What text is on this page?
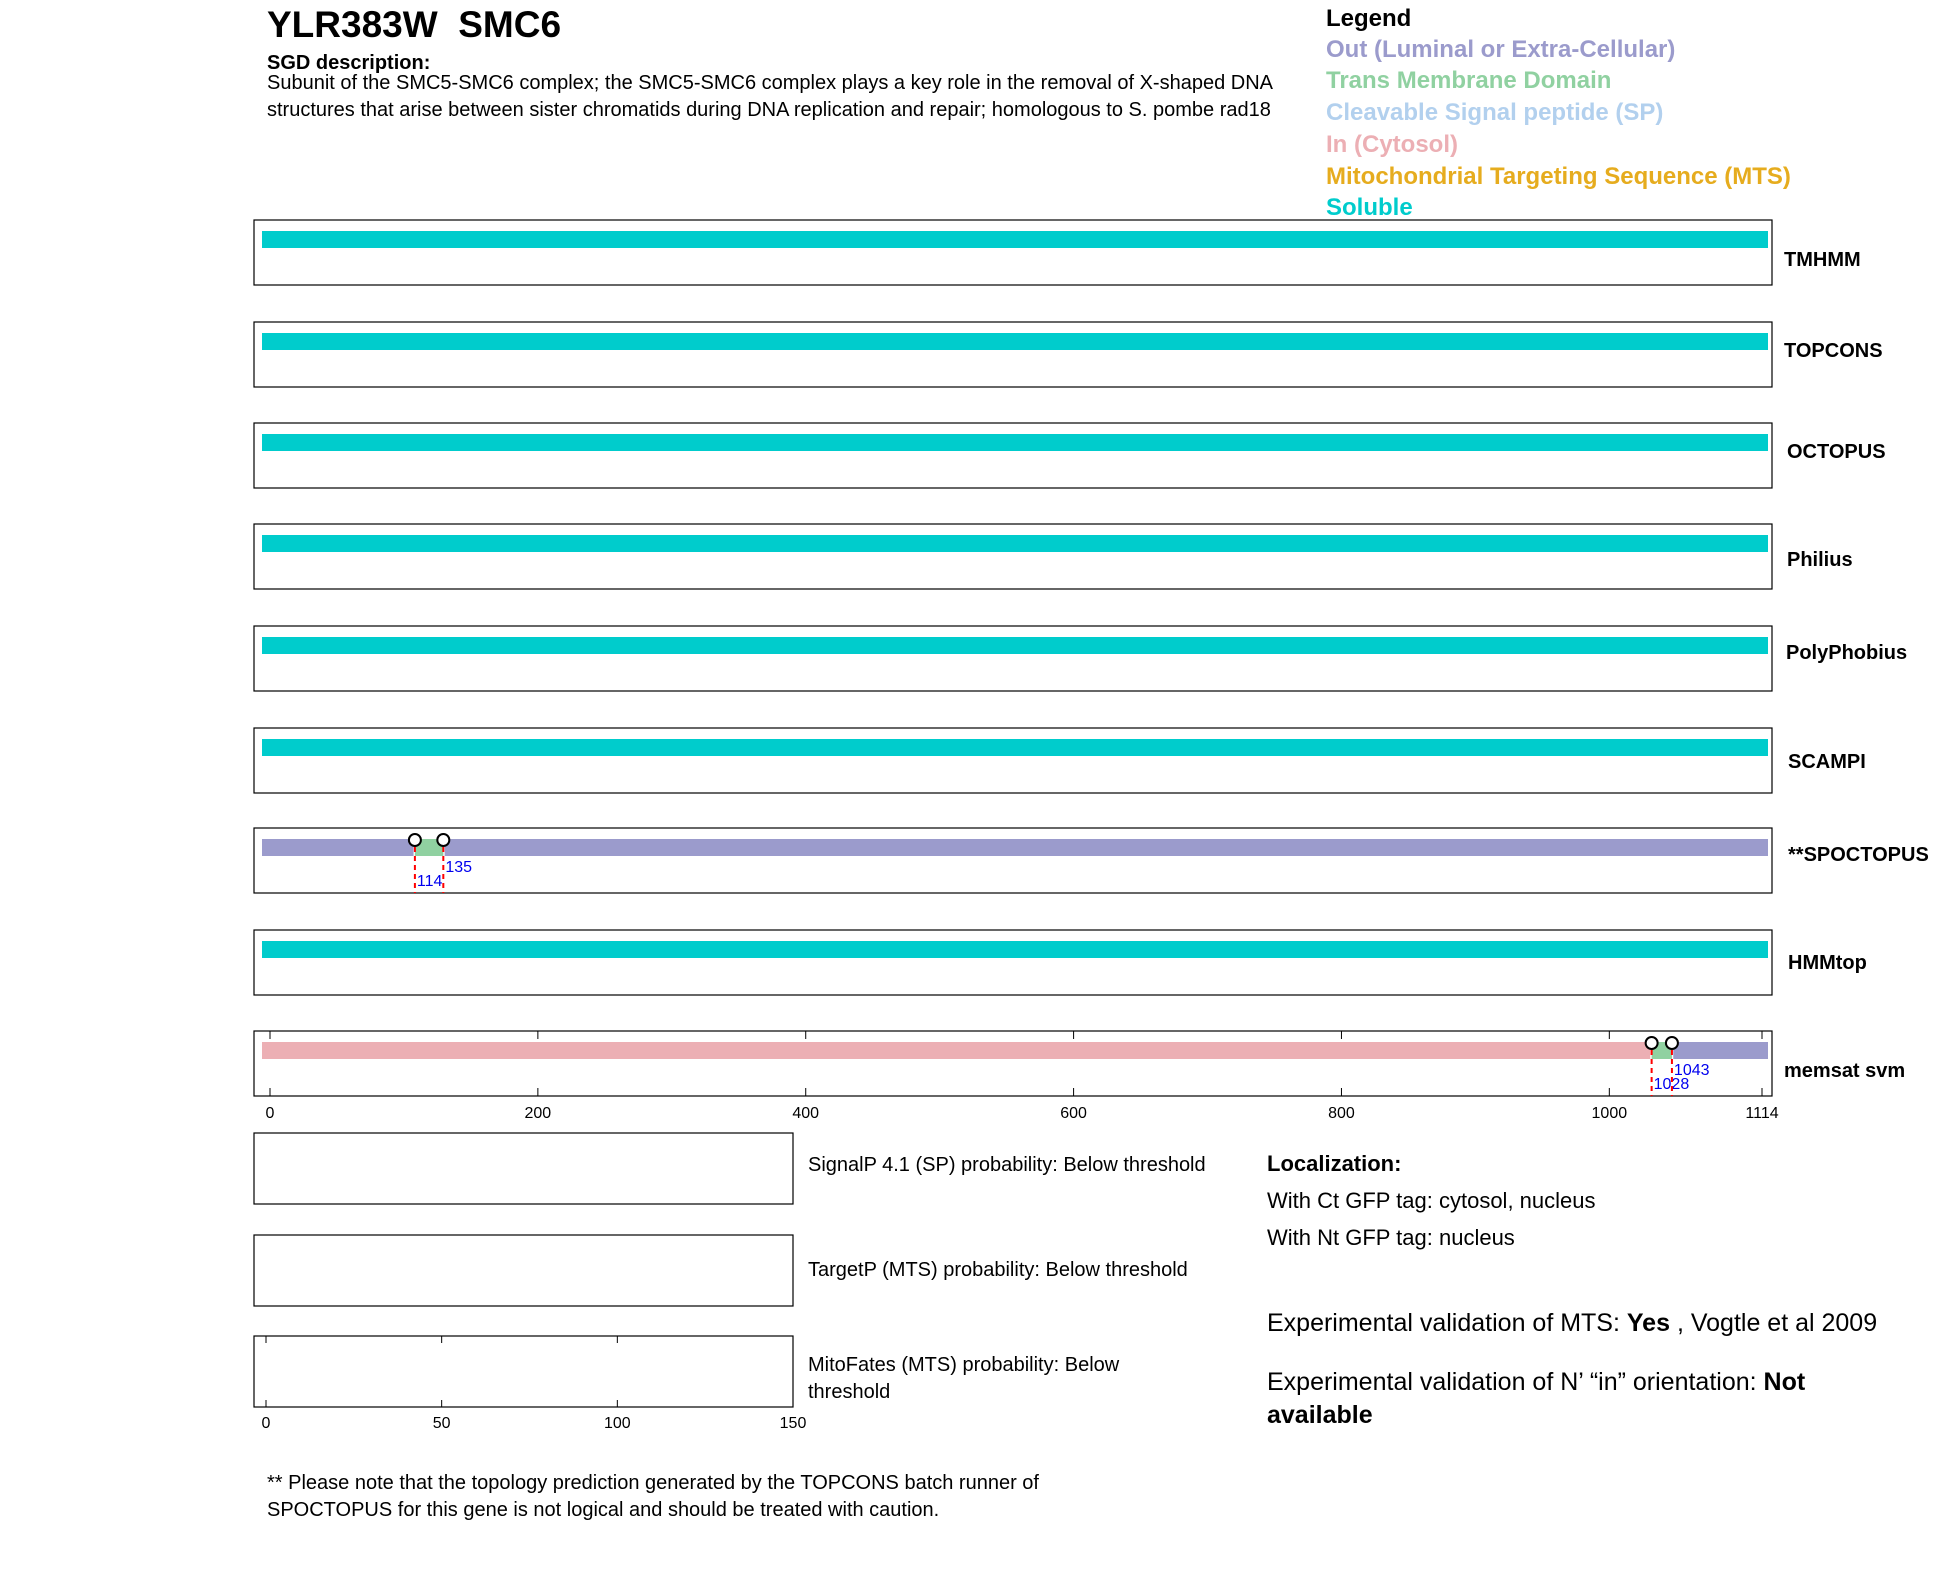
YLR383W SMC6
SGD description:
Subunit of the SMC5-SMC6 complex; the SMC5-SMC6 complex plays a key role in the removal of X-shaped DNA structures that arise between sister chromatids during DNA replication and repair; homologous to S. pombe rad18
Legend
Out (Luminal or Extra-Cellular)
Trans Membrane Domain
Cleavable Signal peptide (SP)
In (Cytosol)
Mitochondrial Targeting Sequence (MTS)
Soluble
TMHMM
TOPCONS
OCTOPUS
Philius
PolyPhobius
SCAMPI
114
135
**SPOCTOPUS
HMMtop
0	200	400	600	800	1000	1114
1028
1043	memsat svm
0	50	100	150
SignalP 4.1 (SP) probability: Below threshold
TargetP (MTS) probability: Below threshold
MitoFates (MTS) probability: Below threshold
Localization:
With Ct GFP tag: cytosol, nucleus
With Nt GFP tag: nucleus
Experimental validation of MTS: Yes , Vogtle et al 2009
Experimental validation of N’ “in” orientation: Not available
** Please note that the topology prediction generated by the TOPCONS batch runner of SPOCTOPUS for this gene is not logical and should be treated with caution.
